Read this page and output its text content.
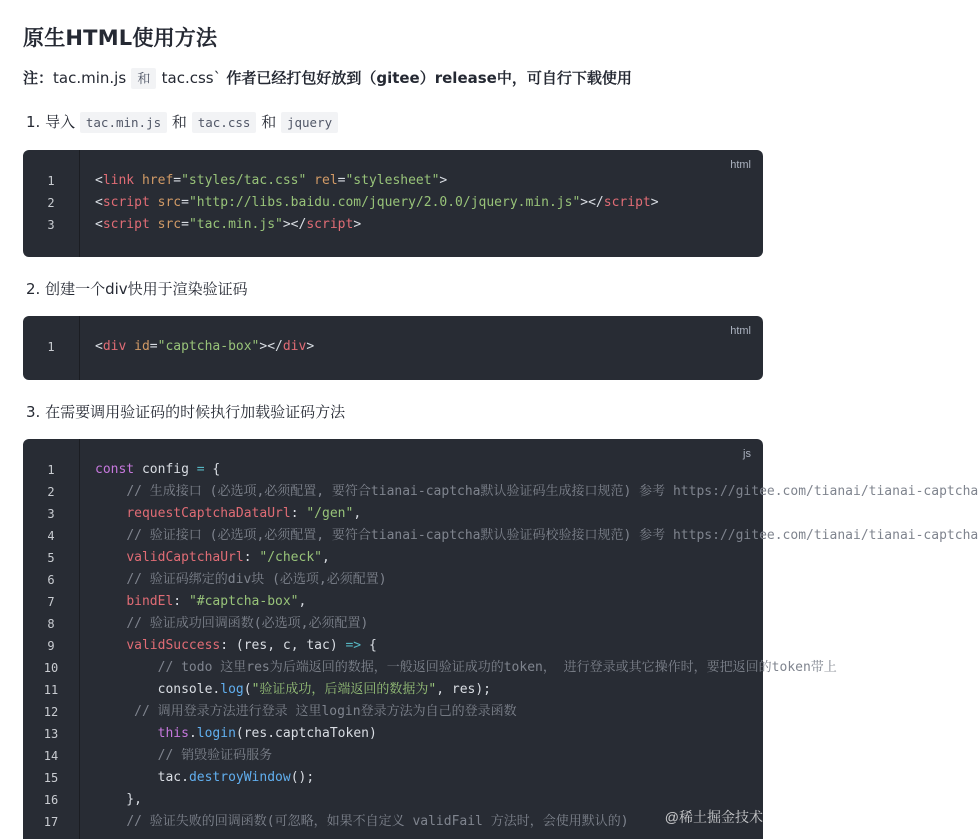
原生HTML使用方法
注：tac.min.js 和 tac.css` 作者已经打包好放到（gitee）release中，可自行下载使用
1. 导入 tac.min.js 和 tac.css 和 jquery
html
1	<link href="styles/tac.css" rel="stylesheet">
2	<script src="http://libs.baidu.com/jquery/2.0.0/jquery.min.js"></script>
3	<script src="tac.min.js"></script>
2. 创建一个div快用于渲染验证码
html
1	<div id="captcha-box"></div>
3. 在需要调用验证码的时候执行加载验证码方法
js
1	const config = {
2	// 生成接口 (必选项,必须配置, 要符合tianai-captcha默认验证码生成接口规范) 参考 https://gitee.com/tianai/tianai-captcha
3	requestCaptchaDataUrl: "/gen",
4	// 验证接口 (必选项,必须配置, 要符合tianai-captcha默认验证码校验接口规范) 参考 https://gitee.com/tianai/tianai-captcha
5	validCaptchaUrl: "/check",
6	// 验证码绑定的div块 (必选项,必须配置)
7	bindEl: "#captcha-box",
8	// 验证成功回调函数(必选项,必须配置)
9	validSuccess: (res, c, tac) => {
10	// todo 这里res为后端返回的数据，一般返回验证成功的token， 进行登录或其它操作时，要把返回的token带上
11	console.log("验证成功，后端返回的数据为", res);
12	// 调用登录方法进行登录 这里login登录方法为自己的登录函数
13	this.login(res.captchaToken)
14	// 销毁验证码服务
15	tac.destroyWindow();
16	},
17	// 验证失败的回调函数(可忽略，如果不自定义 validFail 方法时，会使用默认的)	@稀土掘金技术社区
